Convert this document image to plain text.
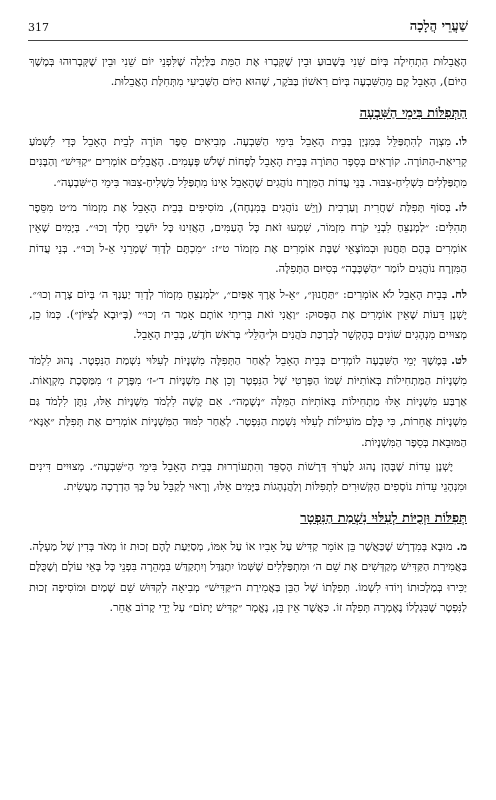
317	שַׁעֲרֵי הֲלָכָה

הָאֲבֵלוּת הִתְחִילָה בְּיוֹם שֵׁנִי בְּשָׁבוּעַ וּבֵין שֶׁקְּבָרוּ אֶת הַמֵּת בַּלַּיְלָה שֶׁלִּפְנֵי יוֹם שֵׁנִי וּבֵין שֶׁקְּבָרוּהוּ בְּמֶשֶׁךְ הַיּוֹם), הָאָבֵל קָם מֵהַשִּׁבְעָה בְּיוֹם רִאשׁוֹן בַּבֹּקֶר, שֶׁהוּא הַיּוֹם הַשְּׁבִיעִי מִתְּחִלַּת הָאֲבֵלוּת.

הַתְּפִלּוֹת בִּימֵי הַשִּׁבְעָה

לו.מִצְוָה לְהִתְפַּלֵּל בְּמִנְיָן בְּבֵית הָאָבֵל בִּימֵי הַשִּׁבְעָה. מְבִיאִים סֵפֶר תּוֹרָה לְבֵית הָאָבֵל כְּדֵי לִשְׁמֹעַ קְרִיאַת-הַתּוֹרָה. קוֹרְאִים בְּסֵפֶר הַתּוֹרָה בְּבֵית הָאָבֵל לְפָחוֹת שָׁלֹשׁ פְּעָמִים. הָאֲבֵלִים אוֹמְרִים ״קַדִּישׁ״ וְהַבָּנִים מִתְפַּלְּלִים כִּשְׁלִיחַ-צִבּוּר. בְּנֵי עֲדוֹת הַמִּזְרָח נוֹהֲגִים שֶׁהָאָבֵל אֵינוֹ מִתְפַּלֵּל כִּשְׁלִיחַ-צִבּוּר בִּימֵי הַ״שִּׁבְעָה״.

לז.בְּסוֹף תְּפִלַּת שַׁחֲרִית וְעַרְבִית (וְיֵשׁ נוֹהֲגִים בְּמִנְחָה), מוֹסִיפִים בְּבֵית הָאָבֵל אֶת מִזְמוֹר מ״ט מִסֵּפֶר תְּהִלִּים: ״לַמְנַצֵּחַ לִבְנֵי קֹרַח מִזְמוֹר, שִׁמְעוּ זֹאת כָּל הָעַמִּים, הַאֲזִינוּ כָּל יוֹשְׁבֵי חָלֶד וְכוּ׳״. בְּיָמִים שֶׁאֵין אוֹמְרִים בָּהֶם תַּחֲנוּן וּבְמוֹצָאֵי שַׁבָּת אוֹמְרִים אֶת מִזְמוֹר ט״ז: ״מִכְתָּם לְדָוִד שָׁמְרֵנִי אֵ-ל וְכוּ׳״. בְּנֵי עֲדוֹת הַמִּזְרָח נוֹהֲגִים לוֹמַר ״הַשְּׁכָּבָה״ בְּסִיּוּם הַתְּפִלָּה.

לח.בְּבֵית הָאָבֵל לֹא אוֹמְרִים: ״תַּחֲנוּן״, ״אֵ-ל אֶרֶךְ אַפַּיִם״, ״לַמְנַצֵּחַ מִזְמוֹר לְדָוִד יַעַנְךָ ה׳ בְּיוֹם צָרָה וְכוּ׳״. יֶשְׁנָן דֵּעוֹת שֶׁאֵין אוֹמְרִים אֶת הַפָּסוּק: ״וַאֲנִי זֹאת בְּרִיתִי אוֹתָם אָמַר ה׳ וְכוּ׳״ (בְּ״וּבָא לְצִיּוֹן״). כְּמוֹ כֵן, מְצוּיִים מִנְהָגִים שׁוֹנִים בְּהֶקְשֵׁר לְבִרְכַּת כֹּהֲנִים וּלְ״הַלֵּל״ בְּרֹאשׁ חֹדֶשׁ, בְּבֵית הָאָבֵל.

לט.בְּמֶשֶׁךְ יְמֵי הַשִּׁבְעָה לוֹמְדִים בְּבֵית הָאָבֵל לְאַחַר הַתְּפִלָּה מִשְׁנָיוֹת לְעִלּוּי נִשְׁמַת הַנִּפְטָר. נָהוּג לִלְמֹד מִשְׁנָיוֹת הַמַּתְחִילוֹת בְּאוֹתִיּוֹת שְׁמוֹ הַפְּרָטִי שֶׁל הַנִּפְטָר וְכֵן אֶת מִשְׁנָיוֹת ד׳-ז׳ מִפֶּרֶק ז׳ מִמַּסֶּכֶת מִקְוָאוֹת. אַרְבַּע מִשְׁנָיוֹת אֵלּוּ מַתְחִילוֹת בְּאוֹתִיּוֹת הַמִּלָּה ״נְשָׁמָה״. אִם קָשֶׁה לִלְמֹד מִשְׁנָיוֹת אֵלּוּ, נִתָּן לִלְמֹד גַּם מִשְׁנָיוֹת אֲחֵרוֹת, כִּי כֻּלָּם מוֹעִילוֹת לְעִלּוּי נִשְׁמַת הַנִּפְטָר. לְאַחַר לִמּוּד הַמִּשְׁנָיוֹת אוֹמְרִים אֶת תְּפִלַּת ״אָנָּא״ הַמּוּבֵאת בְּסֵפֶר הַמִּשְׁנָיוֹת.

יֶשְׁנָן עֵדוֹת שֶׁבָּהֶן נָהוּג לַעֲרֹךְ דְּרָשׁוֹת הֶסְפֵּד וְהִתְעוֹרְרוּת בְּבֵית הָאָבֵל בִּימֵי הַ״שִּׁבְעָה״. מְצוּיִים דִּינִים וּמִנְהָגֵי עֵדוֹת נוֹסָפִים הַקְּשׁוּרִים לִתְפִלּוֹת וְלַהֲנְהָגוֹת בַּיָּמִים אֵלּוּ, וְרָאוּי לְקַבֵּל עַל כָּךְ הַדְרָכָה מַעֲשִׂית.

תְּפִלּוֹת וּזְכֻיּוֹת לְעִלּוּי נִשְׁמַת הַנִּפְטָר

מ.מוּבָא בְּמִדְרָשׁ שֶׁכַּאֲשֶׁר בֵּן אוֹמֵר קַדִּישׁ עַל אָבִיו אוֹ עַל אִמּוֹ, מְסַיַּעַת לָהֶם זְכוּת זוֹ מְאֹד בְּדִין שֶׁל מַעְלָה. בַּאֲמִירַת הַקַּדִּישׁ מְקַדְּשִׁים אֶת שֵׁם ה׳ וּמִתְפַּלְּלִים שֶׁשְּׁמוֹ יִתְגַּדַּל וְיִתְקַדַּשׁ בִּמְהֵרָה בִּפְנֵי כָּל בָּאֵי עוֹלָם וְשֶׁכֻּלָּם יַכִּירוּ בְּמַלְכוּתוֹ וְיוֹדוּ לִשְׁמוֹ. תְּפִלָּתוֹ שֶׁל הַבֵּן בַּאֲמִירַת ה״קַּדִּישׁ״ מְבִיאָה לְקִדּוּשׁ שֵׁם שָׁמַיִם וּמוֹסִיפָה זְכוּת לַנִּפְטָר שֶׁבִּגְלָלוֹ נֶאֶמְרָה תְּפִלָּה זוֹ. כַּאֲשֶׁר אֵין בֵּן, נֶאֱמָר ״קַדִּישׁ יָתוֹם״ עַל יְדֵי קָרוֹב אַחֵר.
